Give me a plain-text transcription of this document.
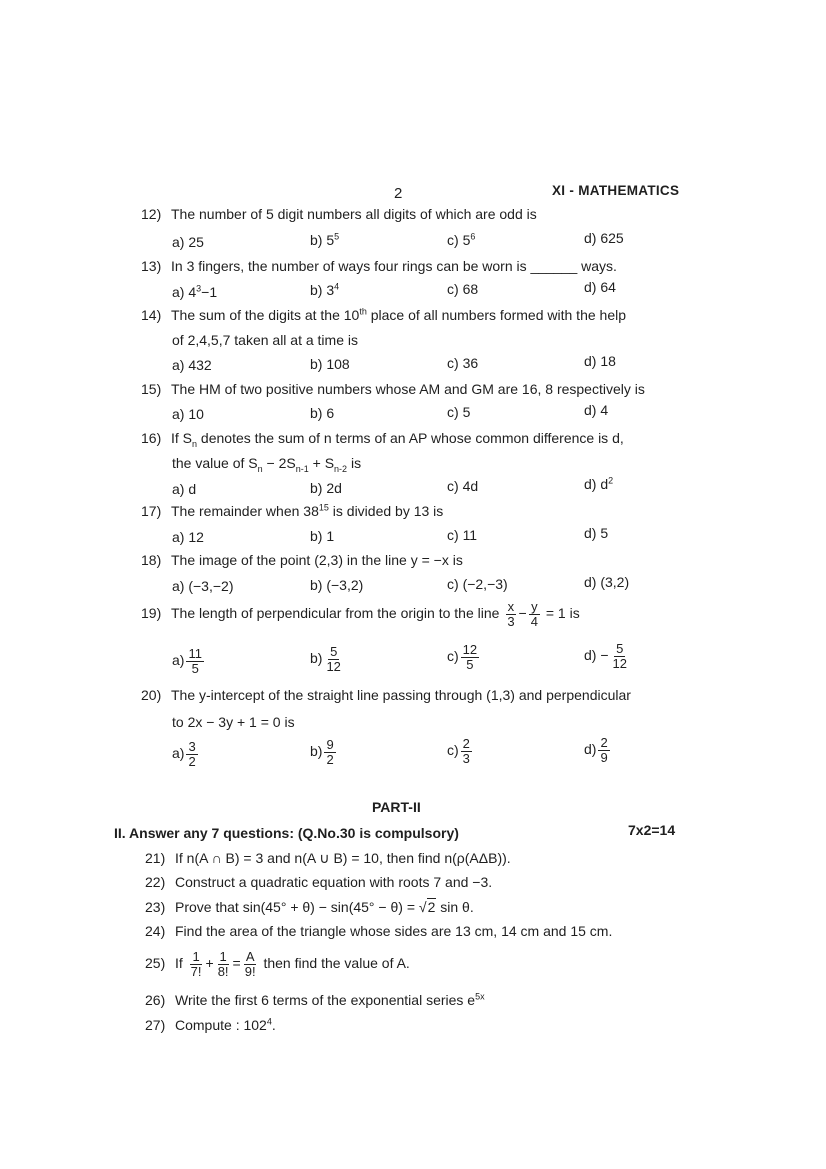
2	XI - MATHEMATICS
12) The number of 5 digit numbers all digits of which are odd is
a) 25	b) $5^5$	c) $5^6$	d) 625
13) In 3 fingers, the number of ways four rings can be worn is ______ ways.
a) $4^3-1$	b) $3^4$	c) 68	d) 64
14) The sum of the digits at the 10th place of all numbers formed with the help
of 2,4,5,7 taken all at a time is
a) 432	b) 108	c) 36	d) 18
15) The HM of two positive numbers whose AM and GM are 16, 8 respectively is
a) 10	b) 6	c) 5	d) 4
16) If $S_n$ denotes the sum of n terms of an AP whose common difference is d,
the value of $S_n - 2S_{n-1} + S_{n-2}$ is
a) d	b) 2d	c) 4d	d) $d^2$
17) The remainder when $38^{15}$ is divided by 13 is
a) 12	b) 1	c) 11	d) 5
18) The image of the point (2,3) in the line y = −x is
a) (−3,−2)	b) (−3,2)	c) (−2,−3)	d) (3,2)
19) The length of perpendicular from the origin to the line $\frac{x}{3} - \frac{y}{4} = 1$ is
$a) \frac{11}{5}$	$b) \frac{5}{12}$	$c) \frac{12}{5}$	$d) - \frac{5}{12}$
20) The y-intercept of the straight line passing through (1,3) and perpendicular
to 2x − 3y + 1 = 0 is
$a) \frac{3}{2}$	$b) \frac{9}{2}$	$c) \frac{2}{3}$	$d) \frac{2}{9}$
PART-II
II. Answer any 7 questions: (Q.No.30 is compulsory)	7x2=14
21) If n(A ∩ B) = 3 and n(A ∪ B) = 10, then find n(ρ(AΔB)).
22) Construct a quadratic equation with roots 7 and −3.
23) Prove that sin(45° + θ) − sin(45° − θ) = √2 sin θ.
24) Find the area of the triangle whose sides are 13 cm, 14 cm and 15 cm.
25) If $\frac{1}{7!} + \frac{1}{8!} = \frac{A}{9!}$ then find the value of A.
26) Write the first 6 terms of the exponential series $e^{5x}$
27) Compute : $102^4$.
